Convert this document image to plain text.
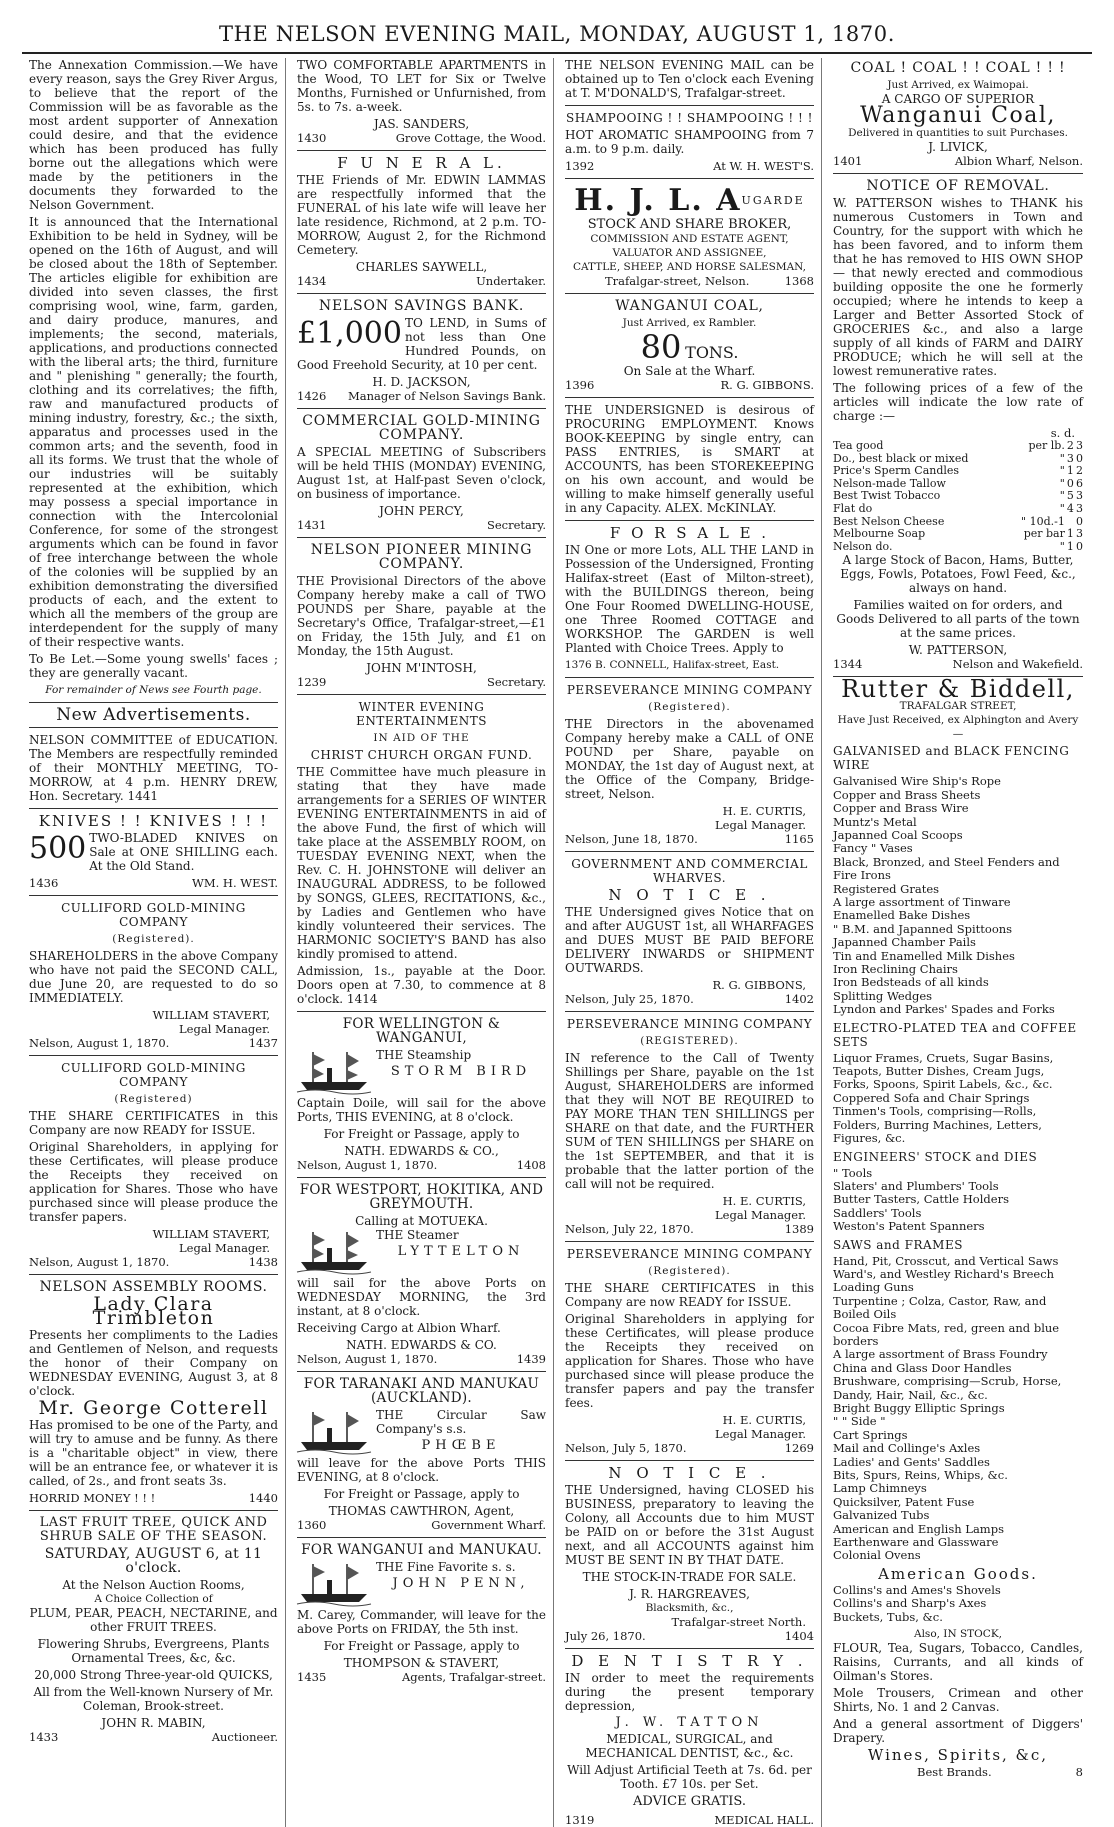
THE NELSON EVENING MAIL, MONDAY, AUGUST 1, 1870.

The Annexation Commission.—We have every reason, says the Grey River Argus, to believe that the report of the Commission will be as favorable as the most ardent supporter of Annexation could desire, and that the evidence which has been produced has fully borne out the allegations which were made by the petitioners in the documents they forwarded to the Nelson Government.

It is announced that the International Exhibition to be held in Sydney, will be opened on the 16th of August, and will be closed about the 18th of September. The articles eligible for exhibition are divided into seven classes, the first comprising wool, wine, farm, garden, and dairy produce, manures, and implements; the second, materials, applications, and productions connected with the liberal arts; the third, furniture and " plenishing " generally; the fourth, clothing and its correlatives; the fifth, raw and manufactured products of mining industry, forestry, &c.; the sixth, apparatus and processes used in the common arts; and the seventh, food in all its forms. We trust that the whole of our industries will be suitably represented at the exhibition, which may possess a special importance in connection with the Intercolonial Conference, for some of the strongest arguments which can be found in favor of free interchange between the whole of the colonies will be supplied by an exhibition demonstrating the diversified products of each, and the extent to which all the members of the group are interdependent for the supply of many of their respective wants.

To Be Let.—Some young swells' faces ; they are generally vacant.

For remainder of News see Fourth page.

New Advertisements.

NELSON COMMITTEE of EDUCATION. The Members are respectfully reminded of their MONTHLY MEETING, TO-MORROW, at 4 p.m. HENRY DREW, Hon. Secretary. 1441

KNIVES ! ! KNIVES ! ! !

500 TWO-BLADED KNIVES on Sale at ONE SHILLING each. At the Old Stand.

1436	WM. H. WEST.
CULLIFORD GOLD-MINING COMPANY
(Registered).

SHAREHOLDERS in the above Company who have not paid the SECOND CALL, due June 20, are requested to do so IMMEDIATELY.

WILLIAM STAVERT,
Legal Manager.
Nelson, August 1, 1870.	1437
CULLIFORD GOLD-MINING COMPANY
(Registered)

THE SHARE CERTIFICATES in this Company are now READY for ISSUE.

Original Shareholders, in applying for these Certificates, will please produce the Receipts they received on application for Shares. Those who have purchased since will please produce the transfer papers.

WILLIAM STAVERT,
Legal Manager.
Nelson, August 1, 1870.	1438
NELSON ASSEMBLY ROOMS.
Lady Clara Trimbleton

Presents her compliments to the Ladies and Gentlemen of Nelson, and requests the honor of their Company on WEDNESDAY EVENING, August 3, at 8 o'clock.

Mr. George Cotterell

Has promised to be one of the Party, and will try to amuse and be funny. As there is a "charitable object" in view, there will be an entrance fee, or whatever it is called, of 2s., and front seats 3s.

HORRID MONEY ! ! !	1440
LAST FRUIT TREE, QUICK AND SHRUB SALE OF THE SEASON.
SATURDAY, AUGUST 6, at 11 o'clock.
At the Nelson Auction Rooms,
A Choice Collection of

PLUM, PEAR, PEACH, NECTARINE, and other FRUIT TREES.

Flowering Shrubs, Evergreens, Plants Ornamental Trees, &c, &c.

20,000 Strong Three-year-old QUICKS,

All from the Well-known Nursery of Mr. Coleman, Brook-street.

JOHN R. MABIN,
1433	Auctioneer.

TWO COMFORTABLE APARTMENTS in the Wood, TO LET for Six or Twelve Months, Furnished or Unfurnished, from 5s. to 7s. a-week.

JAS. SANDERS,
1430	Grove Cottage, the Wood.
F U N E R A L.

THE Friends of Mr. EDWIN LAMMAS are respectfully informed that the FUNERAL of his late wife will leave her late residence, Richmond, at 2 p.m. TO-MORROW, August 2, for the Richmond Cemetery.

CHARLES SAYWELL,
1434	Undertaker.
NELSON SAVINGS BANK.

£1,000 TO LEND, in Sums of not less than One Hundred Pounds, on Good Freehold Security, at 10 per cent.

H. D. JACKSON,
1426 Manager of Nelson Savings Bank.
COMMERCIAL GOLD-MINING COMPANY.

A SPECIAL MEETING of Subscribers will be held THIS (MONDAY) EVENING, August 1st, at Half-past Seven o'clock, on business of importance.

JOHN PERCY,
1431	Secretary.
NELSON PIONEER MINING COMPANY.

THE Provisional Directors of the above Company hereby make a call of TWO POUNDS per Share, payable at the Secretary's Office, Trafalgar-street,—£1 on Friday, the 15th July, and £1 on Monday, the 15th August.

JOHN M'INTOSH,
1239	Secretary.
WINTER EVENING ENTERTAINMENTS
IN AID OF THE
CHRIST CHURCH ORGAN FUND.

THE Committee have much pleasure in stating that they have made arrangements for a SERIES OF WINTER EVENING ENTERTAINMENTS in aid of the above Fund, the first of which will take place at the ASSEMBLY ROOM, on TUESDAY EVENING NEXT, when the Rev. C. H. JOHNSTONE will deliver an INAUGURAL ADDRESS, to be followed by SONGS, GLEES, RECITATIONS, &c., by Ladies and Gentlemen who have kindly volunteered their services. The HARMONIC SOCIETY'S BAND has also kindly promised to attend.

Admission, 1s., payable at the Door. Doors open at 7.30, to commence at 8 o'clock. 1414

FOR WELLINGTON & WANGANUI,

THE Steamship

STORM BIRD

Captain Doile, will sail for the above Ports, THIS EVENING, at 8 o'clock.

For Freight or Passage, apply to

NATH. EDWARDS & CO.,
Nelson, August 1, 1870.	1408
FOR WESTPORT, HOKITIKA, AND GREYMOUTH.
Calling at MOTUEKA.

THE Steamer

LYTTELTON

will sail for the above Ports on WEDNESDAY MORNING, the 3rd instant, at 8 o'clock.

Receiving Cargo at Albion Wharf.

NATH. EDWARDS & CO.
Nelson, August 1, 1870.	1439
FOR TARANAKI AND MANUKAU (AUCKLAND).

THE Circular Saw Company's s.s.

PHŒBE

will leave for the above Ports THIS EVENING, at 8 o'clock.

For Freight or Passage, apply to

THOMAS CAWTHRON, Agent,
1360	Government Wharf.
FOR WANGANUI and MANUKAU.

THE Fine Favorite s. s.

JOHN PENN,

M. Carey, Commander, will leave for the above Ports on FRIDAY, the 5th inst.

For Freight or Passage, apply to

THOMPSON & STAVERT,
1435	Agents, Trafalgar-street.

THE NELSON EVENING MAIL can be obtained up to Ten o'clock each Evening at T. M'DONALD'S, Trafalgar-street.

SHAMPOOING ! ! SHAMPOOING ! ! !

HOT AROMATIC SHAMPOOING from 7 a.m. to 9 p.m. daily.

1392	At W. H. WEST'S.
H. J. L. $A^{UGARDE}$
STOCK AND SHARE BROKER,
COMMISSION AND ESTATE AGENT,
VALUATOR AND ASSIGNEE,
CATTLE, SHEEP, AND HORSE SALESMAN,
Trafalgar-street, Nelson.	1368
WANGANUI COAL,
Just Arrived, ex Rambler.
80 TONS.
On Sale at the Wharf.
1396	R. G. GIBBONS.

THE UNDERSIGNED is desirous of PROCURING EMPLOYMENT. Knows BOOK-KEEPING by single entry, can PASS ENTRIES, is SMART at ACCOUNTS, has been STOREKEEPING on his own account, and would be willing to make himself generally useful in any Capacity. ALEX. McKINLAY.

F O R S A L E .

IN One or more Lots, ALL THE LAND in Possession of the Undersigned, Fronting Halifax-street (East of Milton-street), with the BUILDINGS thereon, being One Four Roomed DWELLING-HOUSE, one Three Roomed COTTAGE and WORKSHOP. The GARDEN is well Planted with Choice Trees. Apply to

1376 B. CONNELL, Halifax-street, East.
PERSEVERANCE MINING COMPANY
(Registered).

THE Directors in the abovenamed Company hereby make a CALL of ONE POUND per Share, payable on MONDAY, the 1st day of August next, at the Office of the Company, Bridge-street, Nelson.

H. E. CURTIS,
Legal Manager.
Nelson, June 18, 1870.	1165
GOVERNMENT AND COMMERCIAL WHARVES.
N O T I C E .

THE Undersigned gives Notice that on and after AUGUST 1st, all WHARFAGES and DUES MUST BE PAID BEFORE DELIVERY INWARDS or SHIPMENT OUTWARDS.

R. G. GIBBONS,
Nelson, July 25, 1870.	1402
PERSEVERANCE MINING COMPANY
(REGISTERED).

IN reference to the Call of Twenty Shillings per Share, payable on the 1st August, SHAREHOLDERS are informed that they will NOT BE REQUIRED to PAY MORE THAN TEN SHILLINGS per SHARE on that date, and the FURTHER SUM of TEN SHILLINGS per SHARE on the 1st SEPTEMBER, and that it is probable that the latter portion of the call will not be required.

H. E. CURTIS,
Legal Manager.
Nelson, July 22, 1870.	1389
PERSEVERANCE MINING COMPANY
(Registered).

THE SHARE CERTIFICATES in this Company are now READY for ISSUE.

Original Shareholders in applying for these Certificates, will please produce the Receipts they received on application for Shares. Those who have purchased since will please produce the transfer papers and pay the transfer fees.

H. E. CURTIS,
Legal Manager.
Nelson, July 5, 1870.	1269
N O T I C E .

THE Undersigned, having CLOSED his BUSINESS, preparatory to leaving the Colony, all Accounts due to him MUST be PAID on or before the 31st August next, and all ACCOUNTS against him MUST BE SENT IN BY THAT DATE.

THE STOCK-IN-TRADE FOR SALE.

J. R. HARGREAVES,
Blacksmith, &c.,
Trafalgar-street North.
July 26, 1870.	1404
D E N T I S T R Y .

IN order to meet the requirements during the present temporary depression,

J. W. TATTON

MEDICAL, SURGICAL, and MECHANICAL DENTIST, &c., &c.

Will Adjust Artificial Teeth at 7s. 6d. per Tooth. £7 10s. per Set.

ADVICE GRATIS.
1319	MEDICAL HALL.
COAL ! COAL ! ! COAL ! ! !
Just Arrived, ex Waimopai.
A CARGO OF SUPERIOR
Wanganui Coal,
Delivered in quantities to suit Purchases.
J. LIVICK,
1401	Albion Wharf, Nelson.
NOTICE OF REMOVAL.

W. PATTERSON wishes to THANK his numerous Customers in Town and Country, for the support with which he has been favored, and to inform them that he has removed to HIS OWN SHOP — that newly erected and commodious building opposite the one he formerly occupied; where he intends to keep a Larger and Better Assorted Stock of GROCERIES &c., and also a large supply of all kinds of FARM and DAIRY PRODUCE; which he will sell at the lowest remunerative rates.

The following prices of a few of the articles will indicate the low rate of charge :—

s. d.
Tea good	per lb.	2	3
Do., best black or mixed	"	3	0
Price's Sperm Candles	"	1	2
Nelson-made Tallow	"	0	6
Best Twist Tobacco	"	5	3
Flat do	"	4	3
Best Nelson Cheese	" 10d.-1		0
Melbourne Soap	per bar	1	3
Nelson do.	"	1	0

A large Stock of Bacon, Hams, Butter, Eggs, Fowls, Potatoes, Fowl Feed, &c., always on hand.

Families waited on for orders, and Goods Delivered to all parts of the town at the same prices.

W. PATTERSON,
1344	Nelson and Wakefield.
Rutter & Biddell,
TRAFALGAR STREET,
Have Just Received, ex Alphington and Avery—
GALVANISED and BLACK FENCING WIRE
Galvanised Wire Ship's Rope
Copper and Brass Sheets
Copper and Brass Wire
Muntz's Metal
Japanned Coal Scoops
Fancy " Vases
Black, Bronzed, and Steel Fenders and Fire Irons
Registered Grates
A large assortment of Tinware
Enamelled Bake Dishes
" B.M. and Japanned Spittoons
Japanned Chamber Pails
Tin and Enamelled Milk Dishes
Iron Reclining Chairs
Iron Bedsteads of all kinds
Splitting Wedges
Lyndon and Parkes' Spades and Forks
ELECTRO-PLATED TEA and COFFEE SETS
Liquor Frames, Cruets, Sugar Basins, Teapots, Butter Dishes, Cream Jugs, Forks, Spoons, Spirit Labels, &c., &c.
Coppered Sofa and Chair Springs
Tinmen's Tools, comprising—Rolls, Folders, Burring Machines, Letters, Figures, &c.
ENGINEERS' STOCK and DIES
" Tools
Slaters' and Plumbers' Tools
Butter Tasters, Cattle Holders
Saddlers' Tools
Weston's Patent Spanners
SAWS and FRAMES
Hand, Pit, Crosscut, and Vertical Saws
Ward's, and Westley Richard's Breech Loading Guns
Turpentine ; Colza, Castor, Raw, and Boiled Oils
Cocoa Fibre Mats, red, green and blue borders
A large assortment of Brass Foundry
China and Glass Door Handles
Brushware, comprising—Scrub, Horse, Dandy, Hair, Nail, &c., &c.
Bright Buggy Elliptic Springs
" " Side "
Cart Springs
Mail and Collinge's Axles
Ladies' and Gents' Saddles
Bits, Spurs, Reins, Whips, &c.
Lamp Chimneys
Quicksilver, Patent Fuse
Galvanized Tubs
American and English Lamps
Earthenware and Glassware
Colonial Ovens
American Goods.
Collins's and Ames's Shovels
Collins's and Sharp's Axes
Buckets, Tubs, &c.
Also, IN STOCK,

FLOUR, Tea, Sugars, Tobacco, Candles, Raisins, Currants, and all kinds of Oilman's Stores.

Mole Trousers, Crimean and other Shirts, No. 1 and 2 Canvas.

And a general assortment of Diggers' Drapery.

Wines, Spirits, &c,
Best Brands.	8
